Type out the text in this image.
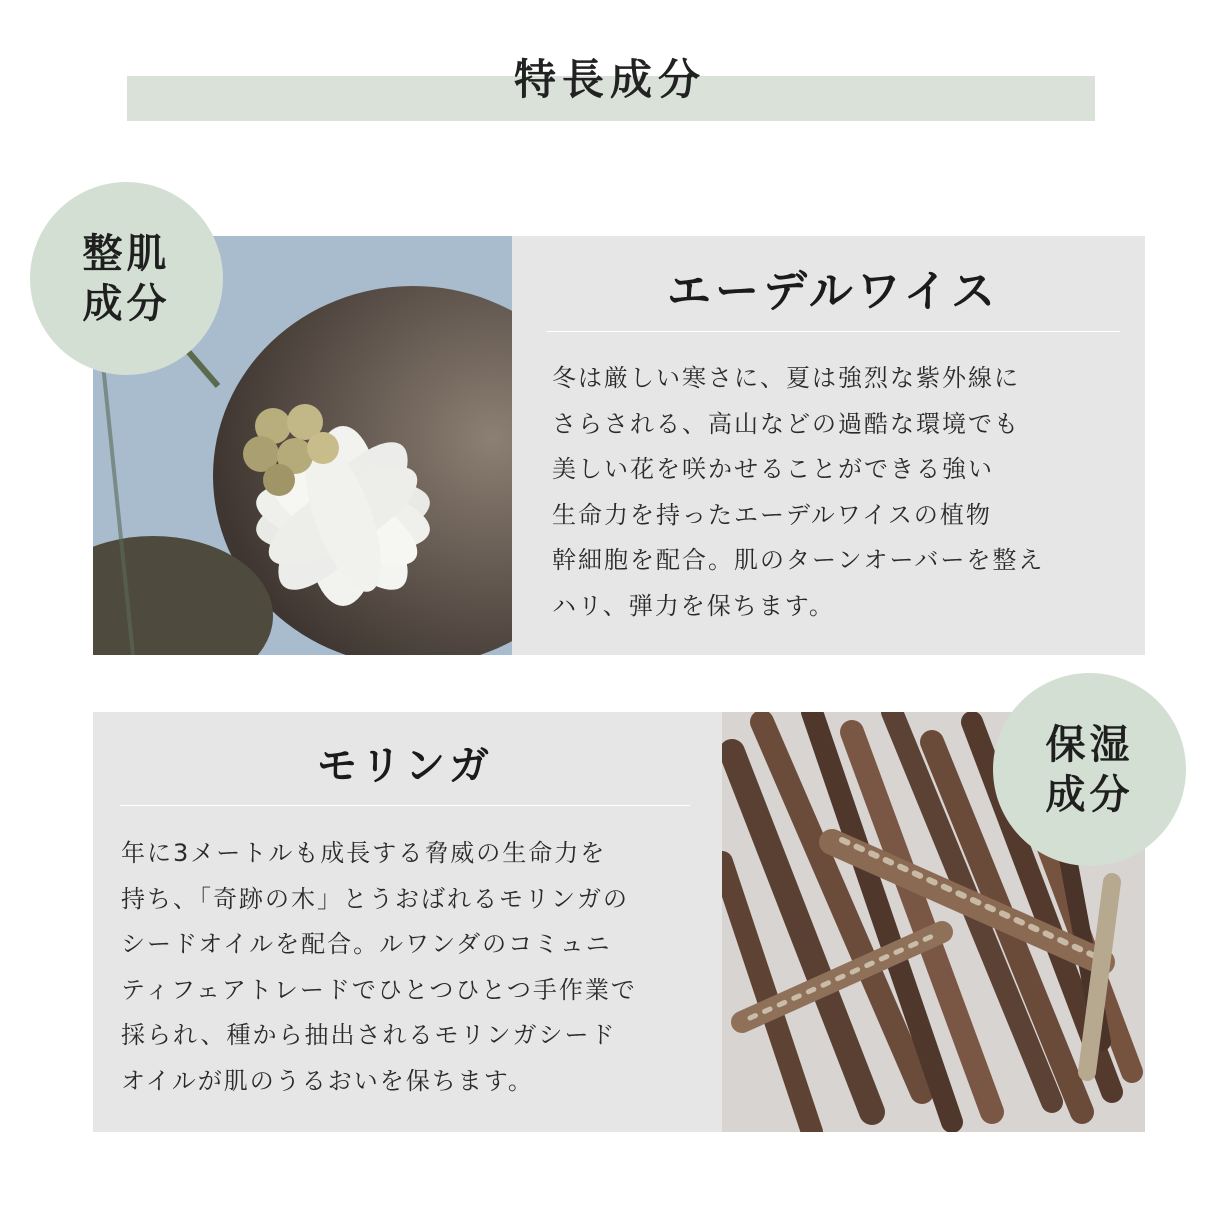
特長成分
エーデルワイス
冬は厳しい寒さに、夏は強烈な紫外線に
さらされる、高山などの過酷な環境でも
美しい花を咲かせることができる強い
生命力を持ったエーデルワイスの植物
幹細胞を配合。肌のターンオーバーを整え
ハリ、弾力を保ちます。
モリンガ
年に3メートルも成長する脅威の生命力を
持ち、「奇跡の木」とうおばれるモリンガの
シードオイルを配合。ルワンダのコミュニ
ティフェアトレードでひとつひとつ手作業で
採られ、種から抽出されるモリンガシード
オイルが肌のうるおいを保ちます。
整肌
成分
保湿
成分
